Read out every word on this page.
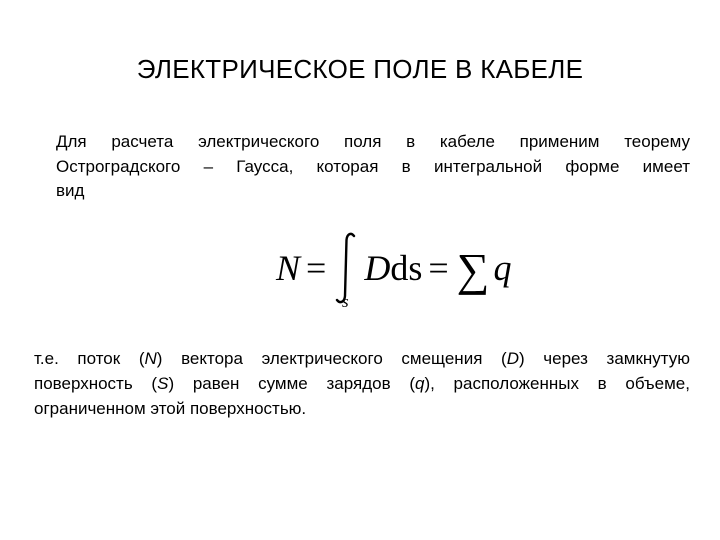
ЭЛЕКТРИЧЕСКОЕ ПОЛЕ В КАБЕЛЕ
Для расчета электрического поля в кабеле применим теорему
Остроградского – Гаусса, которая в интегральной форме имеет
вид
N = D ds = ∑ q
s
т.е. поток (N) вектора электрического смещения (D) через замкнутую
поверхность (S) равен сумме зарядов (q), расположенных в объеме,
ограниченном этой поверхностью.
